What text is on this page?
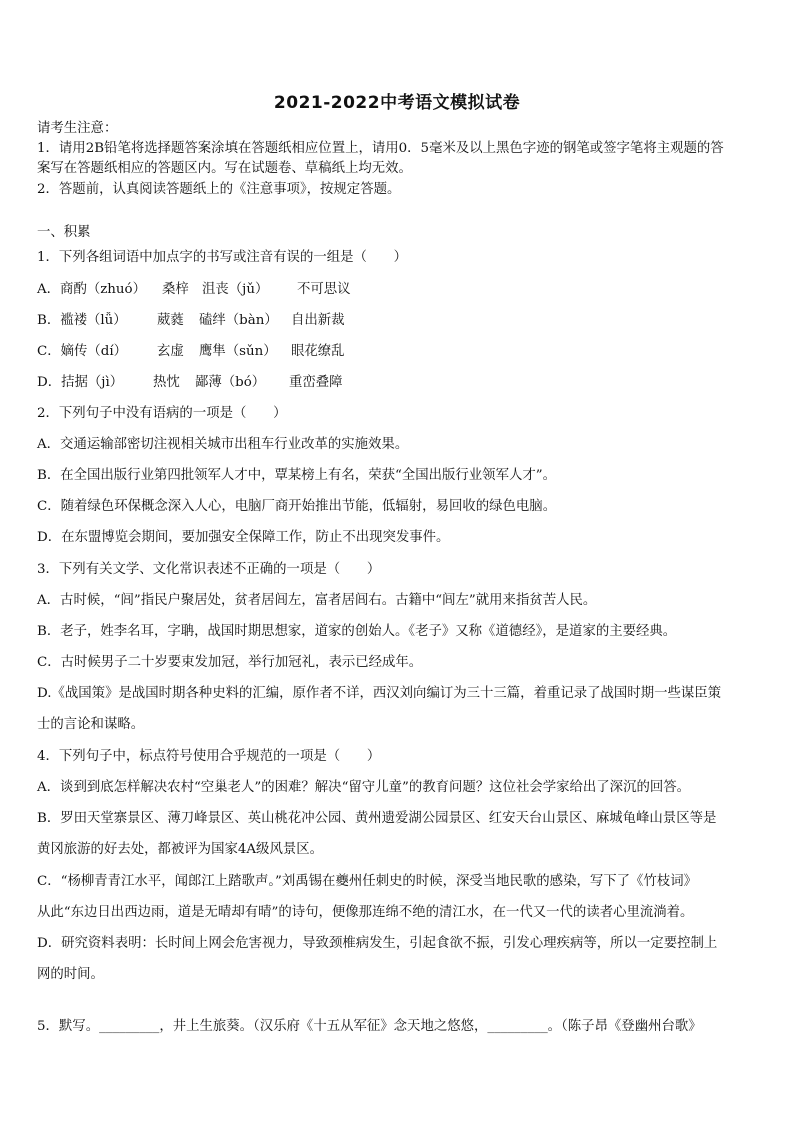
2021-2022中考语文模拟试卷
请考生注意：
1．请用2B铅笔将选择题答案涂填在答题纸相应位置上，请用0．5毫米及以上黑色字迹的钢笔或签字笔将主观题的答
案写在答题纸相应的答题区内。写在试题卷、草稿纸上均无效。
2．答题前，认真阅读答题纸上的《注意事项》，按规定答题。
一、积累
1．下列各组词语中加点字的书写或注音有误的一组是（　　）
A．商酌（zhuó） 桑梓 沮丧（jǔ） 不可思议
B．褴褛（lǚ） 葳蕤 磕绊（bàn） 自出新裁
C．嫡传（dí） 玄虚 鹰隼（sǔn） 眼花缭乱
D．拮据（jì） 热忱 鄙薄（bó） 重峦叠障
2．下列句子中没有语病的一项是（　　）
A．交通运输部密切注视相关城市出租车行业改革的实施效果。
B．在全国出版行业第四批领军人才中，覃某榜上有名，荣获“全国出版行业领军人才”。
C．随着绿色环保概念深入人心，电脑厂商开始推出节能，低辐射，易回收的绿色电脑。
D．在东盟博览会期间，要加强安全保障工作，防止不出现突发事件。
3．下列有关文学、文化常识表述不正确的一项是（　　）
A．古时候，“闾”指民户聚居处，贫者居闾左，富者居闾右。古籍中“闾左”就用来指贫苦人民。
B．老子，姓李名耳，字聃，战国时期思想家，道家的创始人。《老子》又称《道德经》，是道家的主要经典。
C．古时候男子二十岁要束发加冠，举行加冠礼，表示已经成年。
D.《战国策》是战国时期各种史料的汇编，原作者不详，西汉刘向编订为三十三篇，着重记录了战国时期一些谋臣策
士的言论和谋略。
4．下列句子中，标点符号使用合乎规范的一项是（　　）
A．谈到到底怎样解决农村“空巢老人”的困难？解决“留守儿童”的教育问题？这位社会学家给出了深沉的回答。
B．罗田天堂寨景区、薄刀峰景区、英山桃花冲公园、黄州遗爱湖公园景区、红安天台山景区、麻城龟峰山景区等是
黄冈旅游的好去处，都被评为国家4A级风景区。
C．“杨柳青青江水平，闻郎江上踏歌声。”刘禹锡在夔州任刺史的时候，深受当地民歌的感染，写下了《竹枝词》
从此“东边日出西边雨，道是无晴却有晴”的诗句，便像那连绵不绝的清江水，在一代又一代的读者心里流淌着。
D．研究资料表明：长时间上网会危害视力，导致颈椎病发生，引起食欲不振，引发心理疾病等，所以一定要控制上
网的时间。
5．默写。_________，井上生旅葵。（汉乐府《十五从军征》念天地之悠悠，_________。（陈子昂《登幽州台歌》
